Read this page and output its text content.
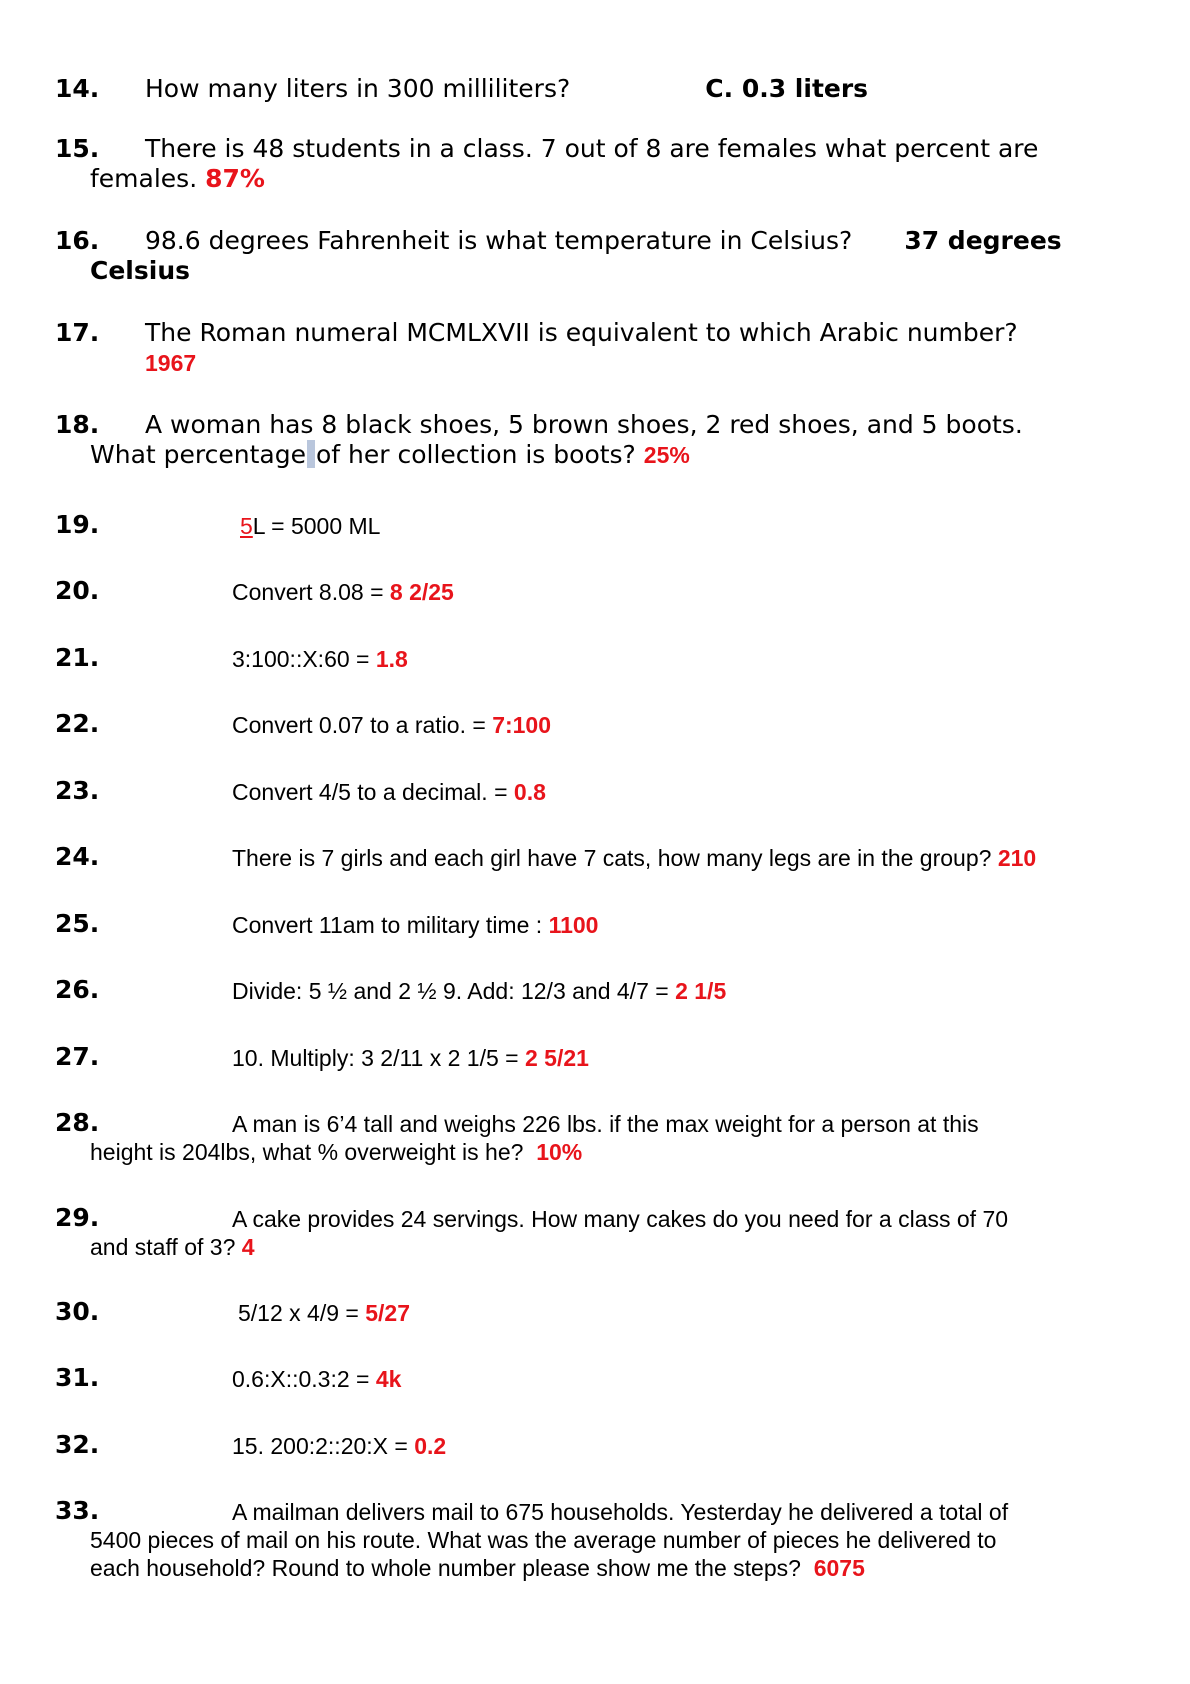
14. How many liters in 300 milliliters?	C. 0.3 liters
15.	There is 48 students in a class. 7 out of 8 are females what percent are females. 87%
16.	98.6 degrees Fahrenheit is what temperature in Celsius? 37 degrees Celsius
17. The Roman numeral MCMLXVII is equivalent to which Arabic number?
1967
18.	A woman has 8 black shoes, 5 brown shoes, 2 red shoes, and 5 boots. What percentage of her collection is boots? 25%
19.	5L = 5000 ML
20.	Convert 8.08 = 8 2/25
21.	3:100::X:60 = 1.8
22.	Convert 0.07 to a ratio. = 7:100
23.	Convert 4/5 to a decimal. = 0.8
24.	There is 7 girls and each girl have 7 cats, how many legs are in the group? 210
25.	Convert 11am to military time : 1100
26.	Divide: 5 ½ and 2 ½ 9. Add: 12/3 and 4/7 = 2 1/5
27.	10. Multiply: 3 2/11 x 2 1/5 = 2 5/21
28.	A man is 6’4 tall and weighs 226 lbs. if the max weight for a person at this height is 204lbs, what % overweight is he? 10%
29.	A cake provides 24 servings. How many cakes do you need for a class of 70 and staff of 3? 4
30.	5/12 x 4/9 = 5/27
31.	0.6:X::0.3:2 = 4k
32.	15. 200:2::20:X = 0.2
33.	A mailman delivers mail to 675 households. Yesterday he delivered a total of 5400 pieces of mail on his route. What was the average number of pieces he delivered to each household? Round to whole number please show me the steps? 6075
